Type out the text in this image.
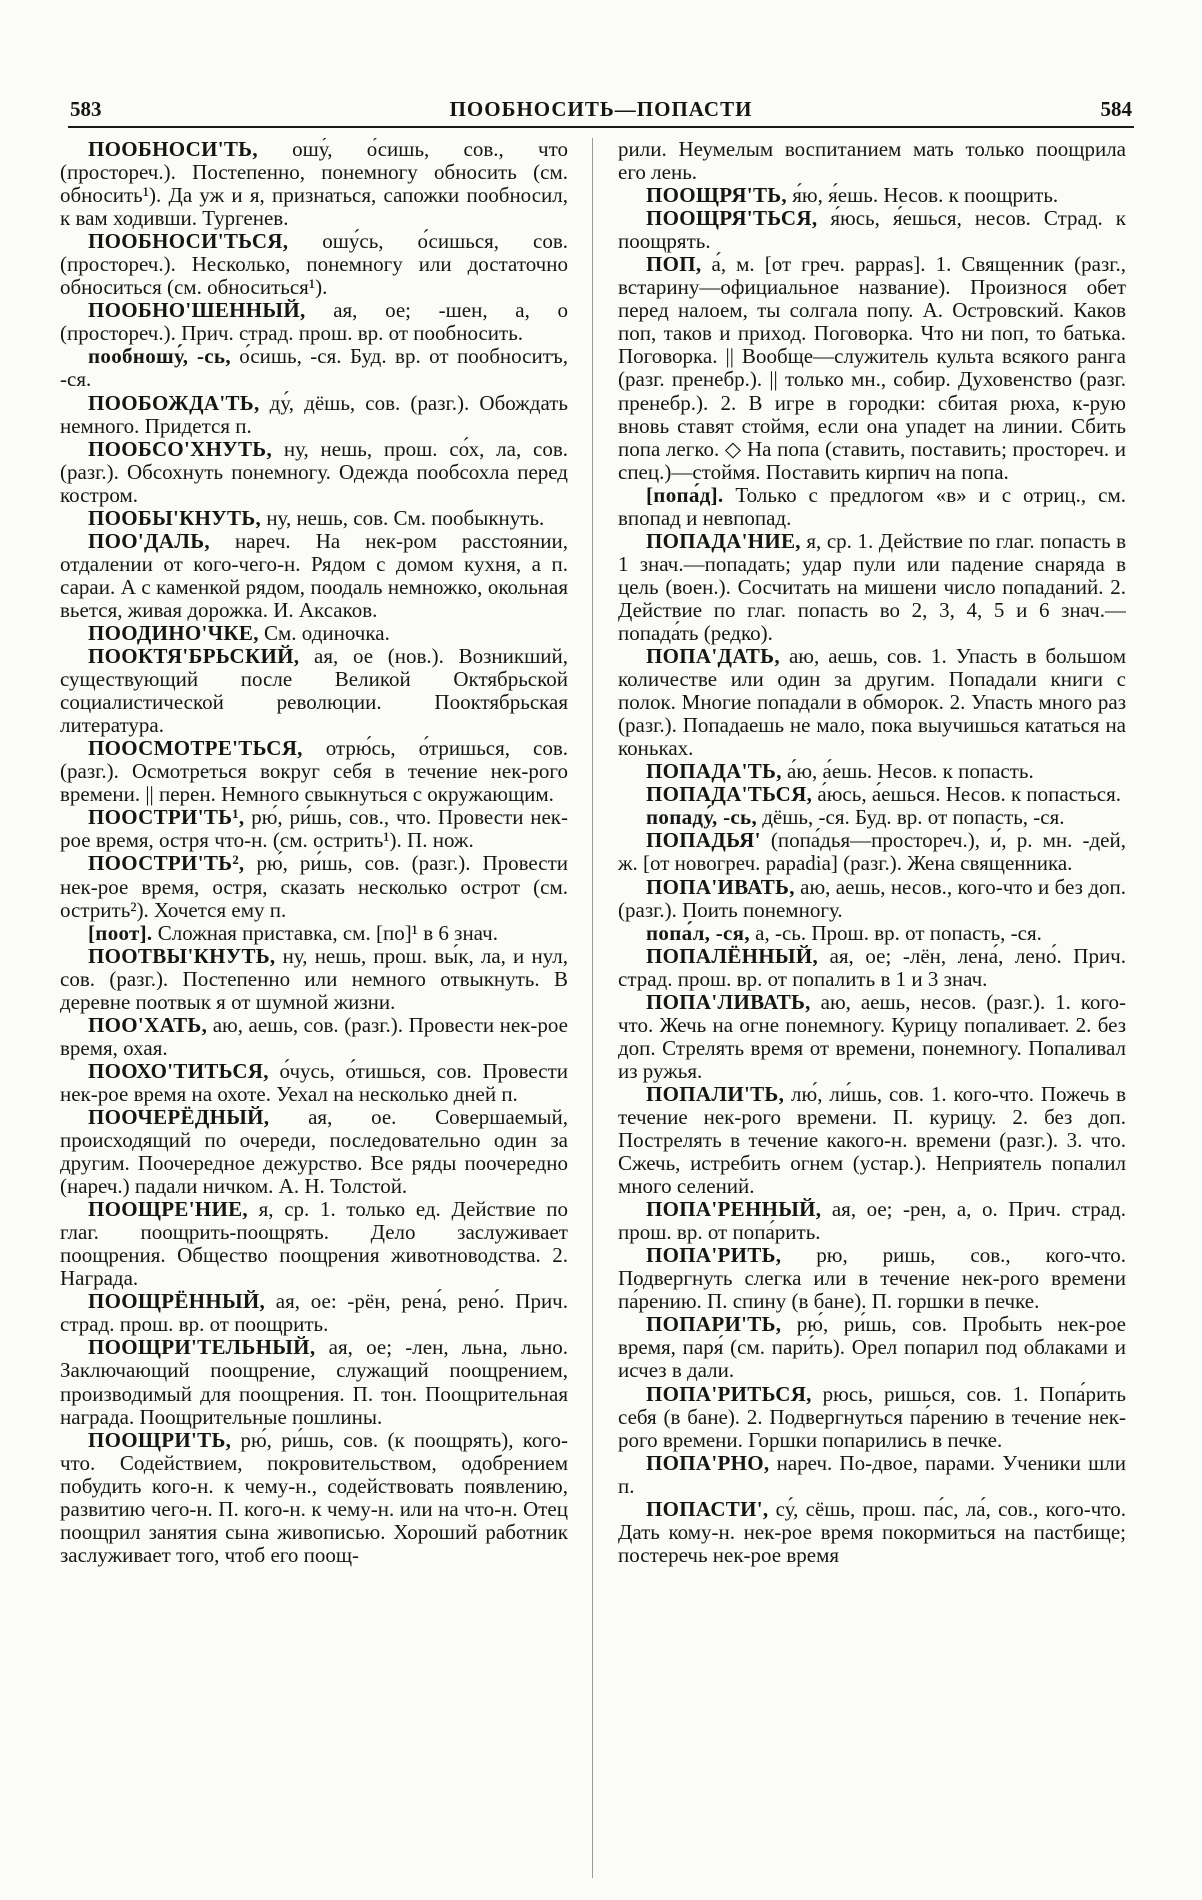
583	ПООБНОСИТЬ—ПОПАСТИ	584

ПООБНОСИ'ТЬ, ошу́, о́сишь, сов., что (простореч.). Постепенно, понемногу обносить (см. обносить¹). Да уж и я, признаться, сапожки пообносил, к вам ходивши. Тургенев.

ПООБНОСИ'ТЬСЯ, ошу́сь, о́сишься, сов. (простореч.). Несколько, понемногу или достаточно обноситься (см. обноситься¹).

ПООБНО'ШЕННЫЙ, ая, ое; -шен, а, о (простореч.). Прич. страд. прош. вр. от пообносить.

пообношу́, -сь, о́сишь, -ся. Буд. вр. от пообноситъ, -ся.

ПООБОЖДА'ТЬ, ду́, дёшь, сов. (разг.). Обождать немного. Придется п.

ПООБСО'ХНУТЬ, ну, нешь, прош. со́х, ла, сов. (разг.). Обсохнуть понемногу. Одежда пообсохла перед костром.

ПООБЫ'КНУТЬ, ну, нешь, сов. См. пообыкнуть.

ПОО'ДАЛЬ, нареч. На нек-ром расстоянии, отдалении от кого-чего-н. Рядом с домом кухня, а п. сараи. А с каменкой рядом, поодаль немножко, окольная вьется, живая дорожка. И. Аксаков.

ПООДИНО'ЧКЕ, См. одиночка.

ПООКТЯ'БРЬСКИЙ, ая, ое (нов.). Возникший, существующий после Великой Октябрьской социалистической революции. Пооктябрьская литература.

ПООСМОТРЕ'ТЬСЯ, отрю́сь, о́тришься, сов. (разг.). Осмотреться вокруг себя в течение нек-рого времени. || перен. Немного свыкнуться с окружающим.

ПООСТРИ'ТЬ¹, рю́, ри́шь, сов., что. Провести нек-рое время, остря что-н. (см. острить¹). П. нож.

ПООСТРИ'ТЬ², рю́, ри́шь, сов. (разг.). Провести нек-рое время, остря, сказать несколько острот (см. острить²). Хочется ему п.

[поот]. Сложная приставка, см. [по]¹ в 6 знач.

ПООТВЫ'КНУТЬ, ну, нешь, прош. вы́к, ла, и нул, сов. (разг.). Постепенно или немного отвыкнуть. В деревне поотвык я от шумной жизни.

ПОО'ХАТЬ, аю, аешь, сов. (разг.). Провести нек-рое время, охая.

ПООХО'ТИТЬСЯ, о́чусь, о́тишься, сов. Провести нек-рое время на охоте. Уехал на несколько дней п.

ПООЧЕРЁДНЫЙ, ая, ое. Совершаемый, происходящий по очереди, последовательно один за другим. Поочередное дежурство. Все ряды поочередно (нареч.) падали ничком. А. Н. Толстой.

ПООЩРЕ'НИЕ, я, ср. 1. только ед. Действие по глаг. поощрить-поощрять. Дело заслуживает поощрения. Общество поощрения животноводства. 2. Награда.

ПООЩРЁННЫЙ, ая, ое: -рён, рена́, рено́. Прич. страд. прош. вр. от поощрить.

ПООЩРИ'ТЕЛЬНЫЙ, ая, ое; -лен, льна, льно. Заключающий поощрение, служащий поощрением, производимый для поощрения. П. тон. Поощрительная награда. Поощрительные пошлины.

ПООЩРИ'ТЬ, рю́, ри́шь, сов. (к поощрять), кого-что. Содействием, покровительством, одобрением побудить кого-н. к чему-н., содействовать появлению, развитию чего-н. П. кого-н. к чему-н. или на что-н. Отец поощрил занятия сына живописью. Хороший работник заслуживает того, чтоб его поощ-

рили. Неумелым воспитанием мать только поощрила его лень.

ПООЩРЯ'ТЬ, я́ю, я́ешь. Несов. к поощрить.

ПООЩРЯ'ТЬСЯ, я́юсь, я́ешься, несов. Страд. к поощрять.

ПОП, а́, м. [от греч. pappas]. 1. Священник (разг., встарину—официальное название). Произнося обет перед налоем, ты солгала попу. А. Островский. Каков поп, таков и приход. Поговорка. Что ни поп, то батька. Поговорка. || Вообще—служитель культа всякого ранга (разг. пренебр.). || только мн., собир. Духовенство (разг. пренебр.). 2. В игре в городки: сбитая рюха, к-рую вновь ставят стоймя, если она упадет на линии. Сбить попа легко. ◇ На попа (ставить, поставить; простореч. и спец.)—стоймя. Поставить кирпич на попа.

[попа́д]. Только с предлогом «в» и с отриц., см. впопад и невпопад.

ПОПАДА'НИЕ, я, ср. 1. Действие по глаг. попасть в 1 знач.—попадать; удар пули или падение снаряда в цель (воен.). Сосчитать на мишени число попаданий. 2. Действие по глаг. попасть во 2, 3, 4, 5 и 6 знач.—попада́ть (редко).

ПОПА'ДАТЬ, аю, аешь, сов. 1. Упасть в большом количестве или один за другим. Попадали книги с полок. Многие попадали в обморок. 2. Упасть много раз (разг.). Попадаешь не мало, пока выучишься кататься на коньках.

ПОПАДА'ТЬ, а́ю, а́ешь. Несов. к попасть.

ПОПАДА'ТЬСЯ, а́юсь, а́ешься. Несов. к попасться.

попаду́, -сь, дёшь, -ся. Буд. вр. от попасть, -ся.

ПОПАДЬЯ' (попа́дья—простореч.), и́, р. мн. -дей, ж. [от новогреч. papadia] (разг.). Жена священника.

ПОПА'ИВАТЬ, аю, аешь, несов., кого-что и без доп. (разг.). Поить понемногу.

попа́л, -ся, а, -сь. Прош. вр. от попасть, -ся.

ПОПАЛЁННЫЙ, ая, ое; -лён, лена́, лено́. Прич. страд. прош. вр. от попалить в 1 и 3 знач.

ПОПА'ЛИВАТЬ, аю, аешь, несов. (разг.). 1. кого-что. Жечь на огне понемногу. Курицу попаливает. 2. без доп. Стрелять время от времени, понемногу. Попаливал из ружья.

ПОПАЛИ'ТЬ, лю́, ли́шь, сов. 1. кого-что. Пожечь в течение нек-рого времени. П. курицу. 2. без доп. Пострелять в течение какого-н. времени (разг.). 3. что. Сжечь, истребить огнем (устар.). Неприятель попалил много селений.

ПОПА'РЕННЫЙ, ая, ое; -рен, а, о. Прич. страд. прош. вр. от попа́рить.

ПОПА'РИТЬ, рю, ришь, сов., кого-что. Подвергнуть слегка или в течение нек-рого времени па́рению. П. спину (в бане). П. горшки в печке.

ПОПАРИ'ТЬ, рю́, ри́шь, сов. Пробыть нек-рое время, паря́ (см. пари́ть). Орел попарил под облаками и исчез в дали.

ПОПА'РИТЬСЯ, рюсь, ришься, сов. 1. Попа́рить себя (в бане). 2. Подвергнуться па́рению в течение нек-рого времени. Горшки попарились в печке.

ПОПА'РНО, нареч. По-двое, парами. Ученики шли п.

ПОПАСТИ', су́, сёшь, прош. па́с, ла́, сов., кого-что. Дать кому-н. нек-рое время покормиться на пастбище; постеречь нек-рое время
